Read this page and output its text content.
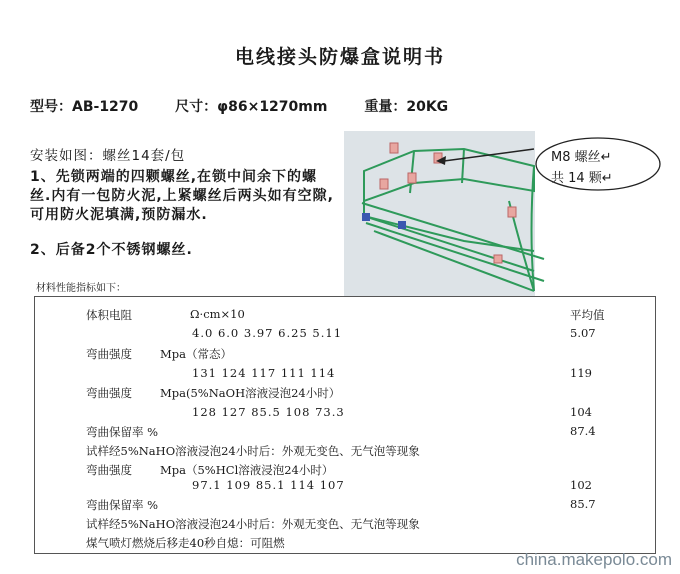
电线接头防爆盒说明书
型号：AB-1270	尺寸：φ86×1270mm	重量：20KG
安装如图：螺丝14套/包
1、先锁两端的四颗螺丝,在锁中间余下的螺丝.内有一包防火泥,上紧螺丝后两头如有空隙,可用防火泥填满,预防漏水.
2、后备2个不锈钢螺丝.
M8 螺丝↵
共 14 颗↵
材料性能指标如下：
体积电阻	Ω·cm×10	平均值
4.0 6.0 3.97 6.25 5.11	5.07
弯曲强度 Mpa（常态）
131 124 117 111 114	119
弯曲强度 Mpa(5%NaOH溶液浸泡24小时）
128 127 85.5 108 73.3	104
弯曲保留率 %	87.4
试样经5%NaHO溶液浸泡24小时后：外观无变色、无气泡等现象
弯曲强度 Mpa（5%HCl溶液浸泡24小时）
97.1 109 85.1 114 107	102
弯曲保留率 %	85.7
试样经5%NaHO溶液浸泡24小时后：外观无变色、无气泡等现象
煤气喷灯燃烧后移走40秒自熄：可阻燃
china.makepolo.com
